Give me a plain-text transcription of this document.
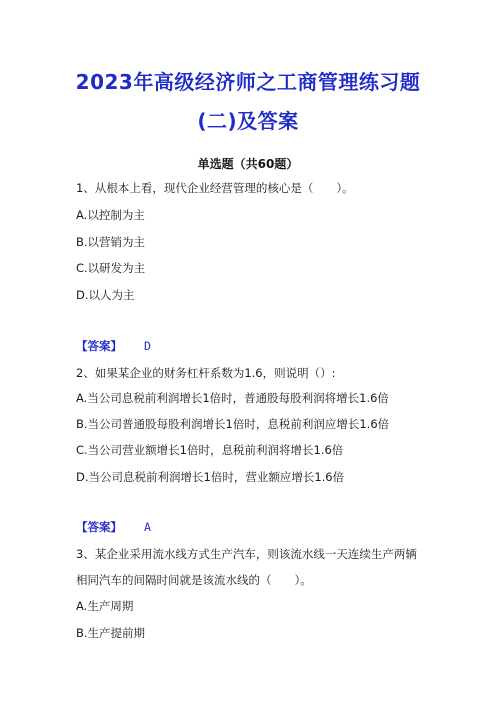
2023年高级经济师之工商管理练习题
(二)及答案
单选题（共60题）
1、从根本上看，现代企业经营管理的核心是（　　）。
A.以控制为主
B.以营销为主
C.以研发为主
D.以人为主
【答案】 D
2、如果某企业的财务杠杆系数为1.6，则说明（）:
A.当公司息税前利润增长1倍时，普通股每股利润将增长1.6倍
B.当公司普通股每股利润增长1倍时，息税前利润应增长1.6倍
C.当公司营业额增长1倍时，息税前利润将增长1.6倍
D.当公司息税前利润增长1倍时，营业额应增长1.6倍
【答案】 A
3、某企业采用流水线方式生产汽车，则该流水线一天连续生产两辆
相同汽车的间隔时间就是该流水线的（　　）。
A.生产周期
B.生产提前期
